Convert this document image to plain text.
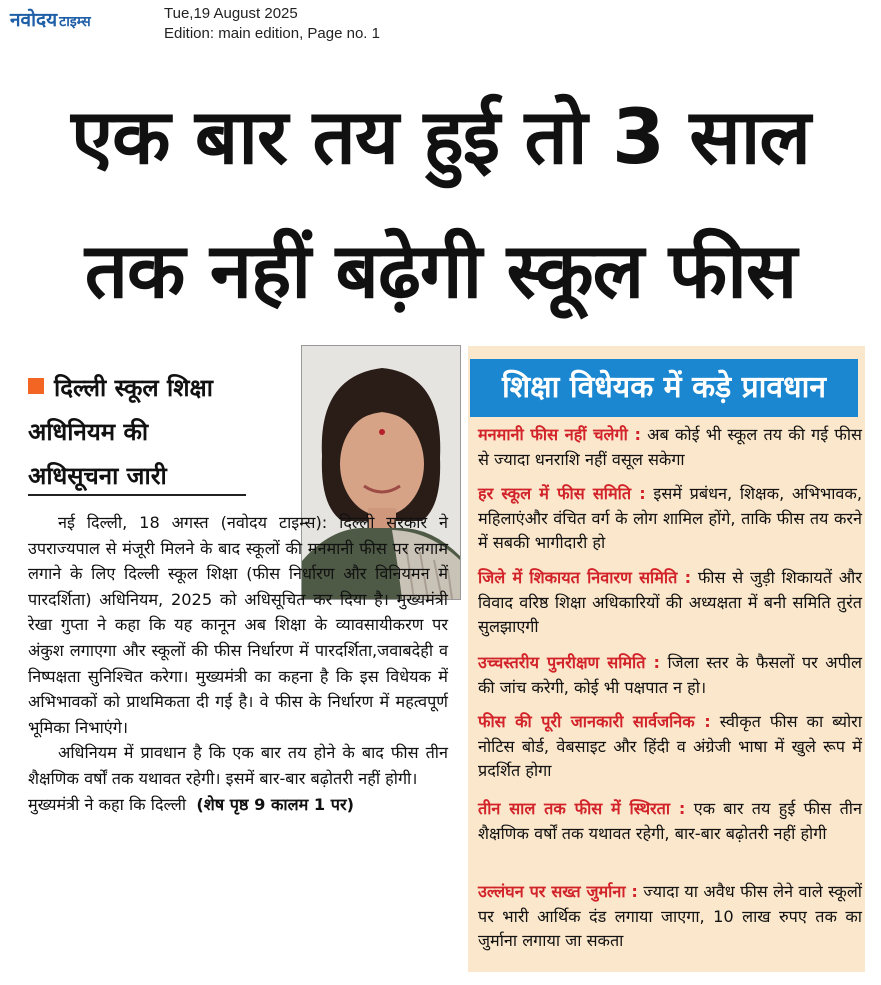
नवोदय टाइम्स	Tue,19 August 2025
Edition: main edition, Page no. 1
एक बार तय हुई तो 3 साल
तक नहीं बढ़ेगी स्कूल फीस
दिल्ली स्कूल शिक्षा
अधिनियम की
अधिसूचना जारी

नई दिल्ली, 18 अगस्त (नवोदय टाइम्स): दिल्ली सरकार ने उपराज्यपाल से मंजूरी मिलने के बाद स्कूलों की मनमानी फीस पर लगाम लगाने के लिए दिल्ली स्कूल शिक्षा (फीस निर्धारण और विनियमन में पारदर्शिता) अधिनियम, 2025 को अधिसूचित कर दिया है। मुख्यमंत्री रेखा गुप्ता ने कहा कि यह कानून अब शिक्षा के व्यावसायीकरण पर अंकुश लगाएगा और स्कूलों की फीस निर्धारण में पारदर्शिता,जवाबदेही व निष्पक्षता सुनिश्चित करेगा। मुख्यमंत्री का कहना है कि इस विधेयक में अभिभावकों को प्राथमिकता दी गई है। वे फीस के निर्धारण में महत्वपूर्ण भूमिका निभाएंगे।

अधिनियम में प्रावधान है कि एक बार तय होने के बाद फीस तीन शैक्षणिक वर्षों तक यथावत रहेगी। इसमें बार-बार बढ़ोतरी नहीं होगी।

मुख्यमंत्री ने कहा कि दिल्ली (शेष पृष्ठ 9 कालम 1 पर)

शिक्षा विधेयक में कड़े प्रावधान
मनमानी फीस नहीं चलेगी : अब कोई भी स्कूल तय की गई फीस से ज्यादा धनराशि नहीं वसूल सकेगा
हर स्कूल में फीस समिति : इसमें प्रबंधन, शिक्षक, अभिभावक, महिलाएंऔर वंचित वर्ग के लोग शामिल होंगे, ताकि फीस तय करने में सबकी भागीदारी हो
जिले में शिकायत निवारण समिति : फीस से जुड़ी शिकायतें और विवाद वरिष्ठ शिक्षा अधिकारियों की अध्यक्षता में बनी समिति तुरंत सुलझाएगी
उच्चस्तरीय पुनरीक्षण समिति : जिला स्तर के फैसलों पर अपील की जांच करेगी, कोई भी पक्षपात न हो।
फीस की पूरी जानकारी सार्वजनिक : स्वीकृत फीस का ब्योरा नोटिस बोर्ड, वेबसाइट और हिंदी व अंग्रेजी भाषा में खुले रूप में प्रदर्शित होगा
तीन साल तक फीस में स्थिरता : एक बार तय हुई फीस तीन शैक्षणिक वर्षों तक यथावत रहेगी, बार-बार बढ़ोतरी नहीं होगी
उल्लंघन पर सख्त जुर्माना : ज्यादा या अवैध फीस लेने वाले स्कूलों पर भारी आर्थिक दंड लगाया जाएगा, 10 लाख रुपए तक का जुर्माना लगाया जा सकता
